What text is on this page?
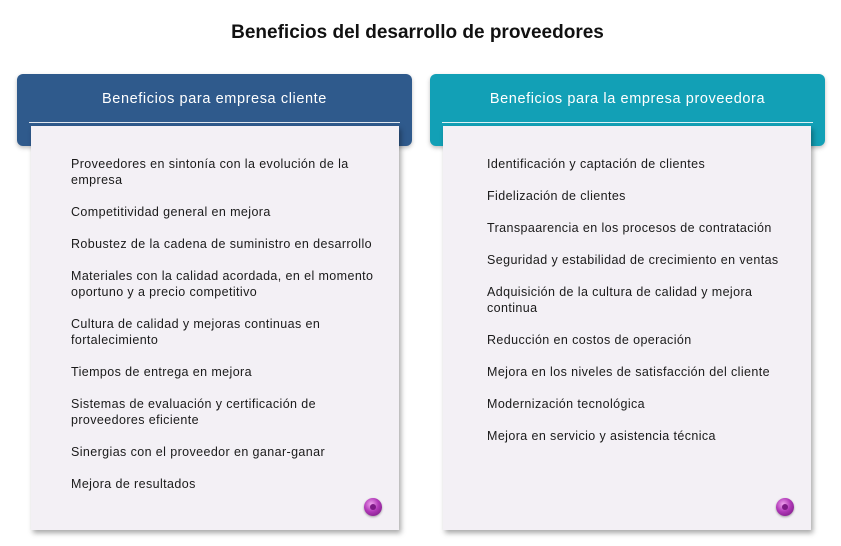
Beneficios del desarrollo de proveedores
Beneficios para empresa cliente
Proveedores en sintonía con la evolución de la empresa
Competitividad general en mejora
Robustez de la cadena de suministro en desarrollo
Materiales con la calidad acordada, en el momento oportuno y a precio competitivo
Cultura de calidad y mejoras continuas en fortalecimiento
Tiempos de entrega en mejora
Sistemas de evaluación y certificación de proveedores eficiente
Sinergias con el proveedor en ganar-ganar
Mejora de resultados
Beneficios para la empresa proveedora
Identificación y captación de clientes
Fidelización de clientes
Transpaarencia en los procesos de contratación
Seguridad y estabilidad de crecimiento en ventas
Adquisición de la cultura de calidad y mejora continua
Reducción en costos de operación
Mejora en los niveles de satisfacción del cliente
Modernización tecnológica
Mejora en servicio y asistencia técnica
